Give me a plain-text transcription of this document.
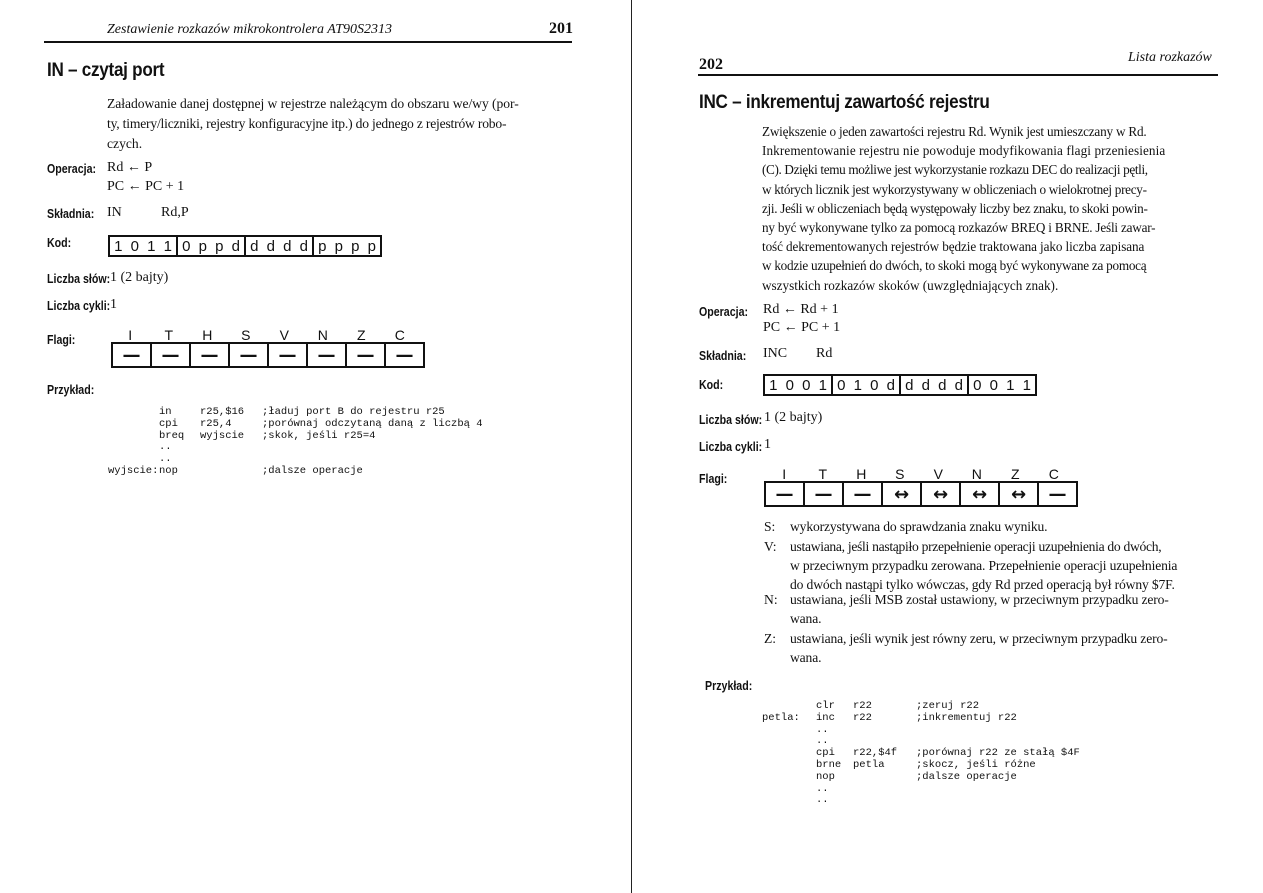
Zestawienie rozkazów mikrokontrolera AT90S2313	201
IN – czytaj port
Załadowanie danej dostępnej w rejestrze należącym do obszaru we/wy (por-
ty, timery/liczniki, rejestry konfiguracyjne itp.) do jednego z rejestrów robo-
czych.
Operacja: Rd ← P
PC ← PC + 1
Składnia: IN	Rd,P
Kod:	1 0 1 1 0 p p d d d d d p p p p
Liczba słów: 1 (2 bajty)
Liczba cykli: 1
Flagi:	I	T	H	S	V	N	Z	C
—	—	—	—	—	—	—	—
Przykład:
in	r25,$16 ;ładuj port B do rejestru r25
cpi r25,4	;porównaj odczytaną daną z liczbą 4
breq wyjscie ;skok, jeśli r25=4
..
..
wyjscie: nop	;dalsze operacje
202	Lista rozkazów
INC – inkrementuj zawartość rejestru
Zwiększenie o jeden zawartości rejestru Rd. Wynik jest umieszczany w Rd.
Inkrementowanie rejestru nie powoduje modyfikowania flagi przeniesienia
(C). Dzięki temu możliwe jest wykorzystanie rozkazu DEC do realizacji pętli,
w których licznik jest wykorzystywany w obliczeniach o wielokrotnej precy-
zji. Jeśli w obliczeniach będą występowały liczby bez znaku, to skoki powin-
ny być wykonywane tylko za pomocą rozkazów BREQ i BRNE. Jeśli zawar-
tość dekrementowanych rejestrów będzie traktowana jako liczba zapisana
w kodzie uzupełnień do dwóch, to skoki mogą być wykonywane za pomocą
wszystkich rozkazów skoków (uwzględniających znak).
Operacja: Rd ← Rd + 1
PC ← PC + 1
Składnia: INC Rd
Kod:	1 0 0 1 0 1 0 d d d d d 0 0 1 1
Liczba słów: 1 (2 bajty)
Liczba cykli: 1
Flagi:	I	T	H	S	V	N	Z	C
—	—	—	↔	↔	↔	↔	—
S: wykorzystywana do sprawdzania znaku wyniku.
V: ustawiana, jeśli nastąpiło przepełnienie operacji uzupełnienia do dwóch,
w przeciwnym przypadku zerowana. Przepełnienie operacji uzupełnienia
do dwóch nastąpi tylko wówczas, gdy Rd przed operacją był równy $7F.
N: ustawiana, jeśli MSB został ustawiony, w przeciwnym przypadku zero-
wana.
Z: ustawiana, jeśli wynik jest równy zeru, w przeciwnym przypadku zero-
wana.
Przykład:
clr r22	;zeruj r22
petla: inc r22	;inkrementuj r22
..
..
cpi r22,$4f ;porównaj r22 ze stałą $4F
brne petla	;skocz, jeśli różne
nop	;dalsze operacje
..
..
